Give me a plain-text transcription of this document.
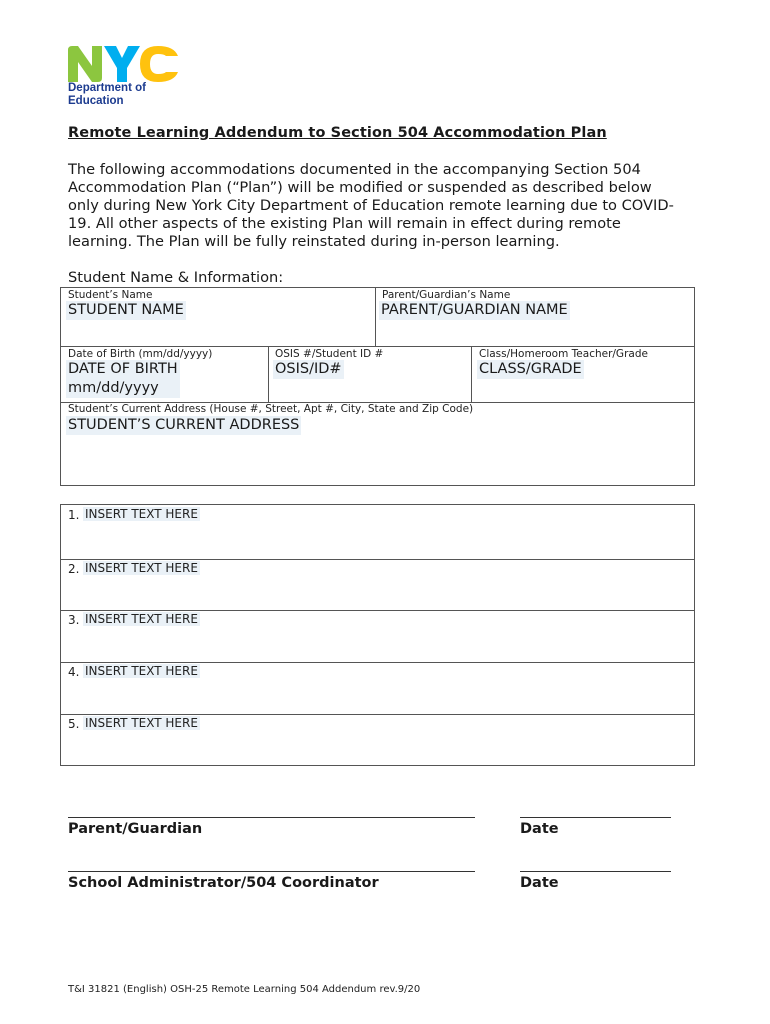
Department of
Education
Remote Learning Addendum to Section 504 Accommodation Plan
The following accommodations documented in the accompanying Section 504
Accommodation Plan (“Plan”) will be modified or suspended as described below
only during New York City Department of Education remote learning due to COVID-
19. All other aspects of the existing Plan will remain in effect during remote
learning. The Plan will be fully reinstated during in-person learning.
Student Name & Information:
Student’s Name
STUDENT NAME
Parent/Guardian’s Name
PARENT/GUARDIAN NAME
Date of Birth (mm/dd/yyyy)
DATE OF BIRTH
mm/dd/yyyy
OSIS #/Student ID #
OSIS/ID#
Class/Homeroom Teacher/Grade
CLASS/GRADE
Student’s Current Address (House #, Street, Apt #, City, State and Zip Code)
STUDENT’S CURRENT ADDRESS
1. INSERT TEXT HERE
2. INSERT TEXT HERE
3. INSERT TEXT HERE
4. INSERT TEXT HERE
5. INSERT TEXT HERE
Parent/Guardian	Date
School Administrator/504 Coordinator	Date
T&I 31821 (English) OSH-25 Remote Learning 504 Addendum rev.9/20
